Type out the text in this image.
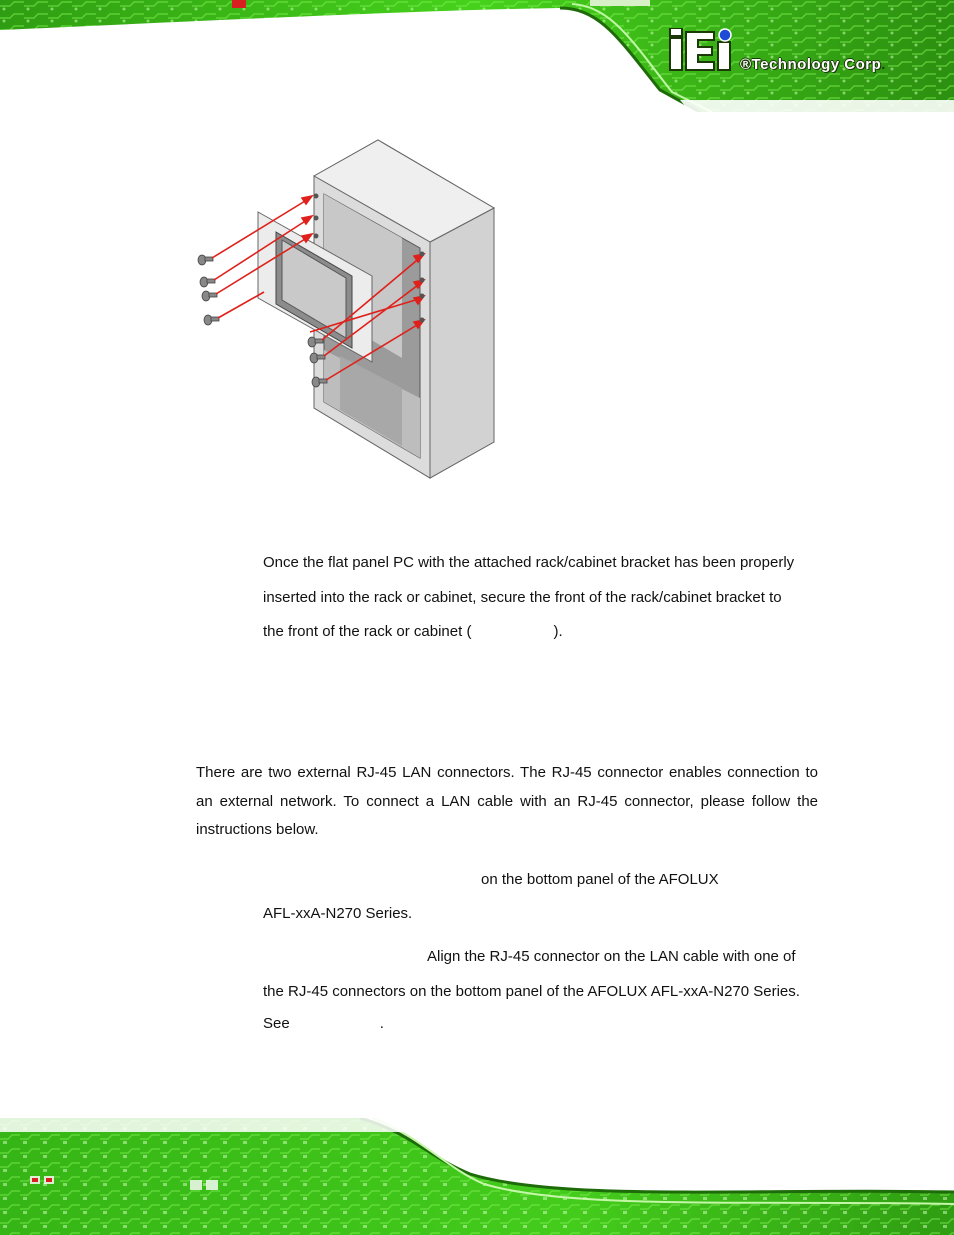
®Technology Corp.
Once the flat panel PC with the attached rack/cabinet bracket has been properly
inserted into the rack or cabinet, secure the front of the rack/cabinet bracket to
the front of the rack or cabinet (	).

There are two external RJ-45 LAN connectors. The RJ-45 connector enables connection to an external network. To connect a LAN cable with an RJ-45 connector, please follow the instructions below.

on the bottom panel of the AFOLUX
AFL-xxA-N270 Series.
Align the RJ-45 connector on the LAN cable with one of
the RJ-45 connectors on the bottom panel of the AFOLUX AFL-xxA-N270 Series.
See	.
